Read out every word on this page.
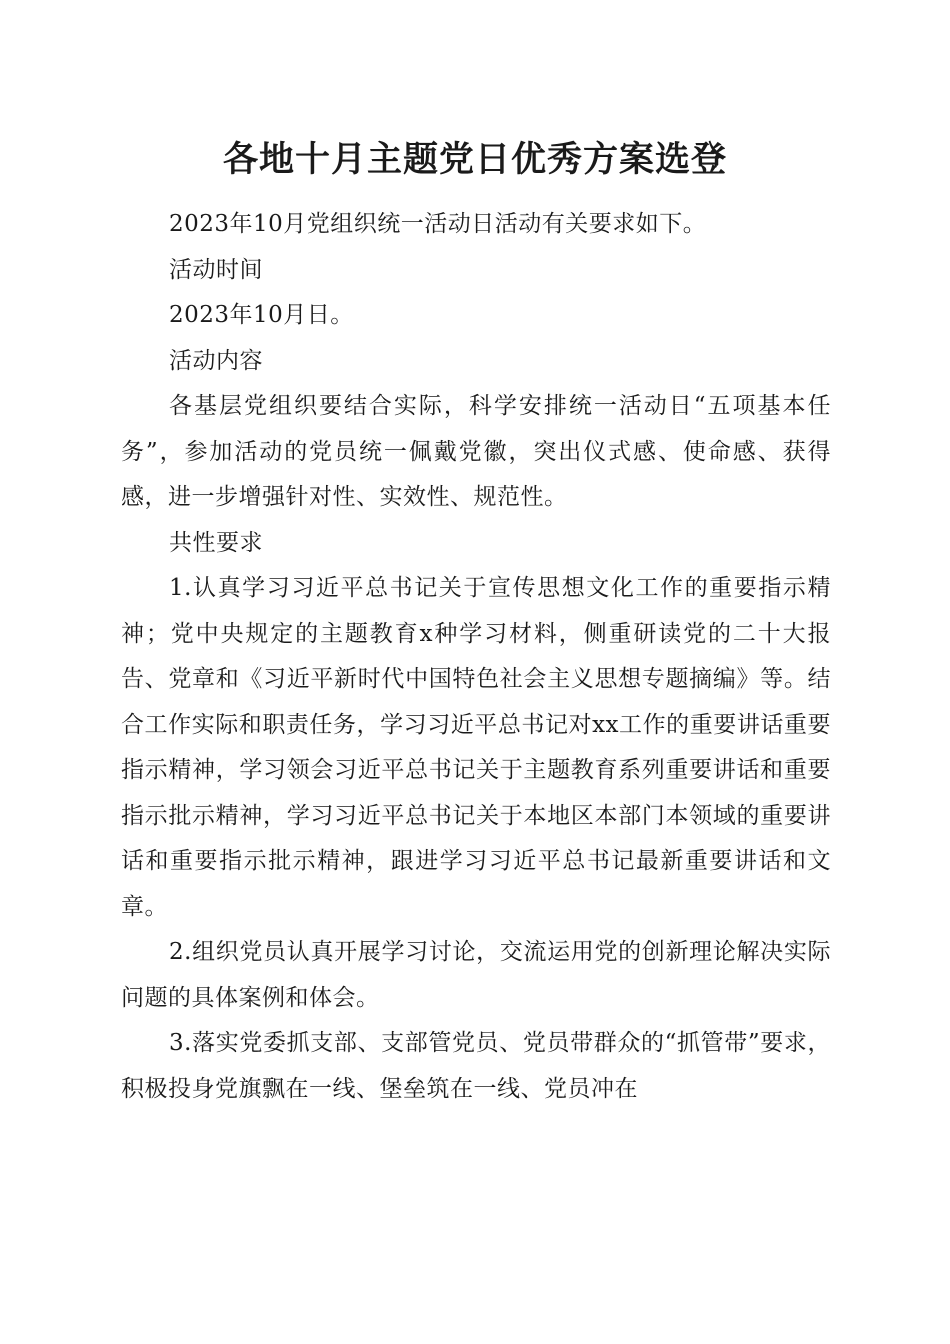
各地十月主题党日优秀方案选登

2023年10月党组织统一活动日活动有关要求如下。

活动时间

2023年10月日。

活动内容

各基层党组织要结合实际，科学安排统一活动日“五项基本任务”，参加活动的党员统一佩戴党徽，突出仪式感、使命感、获得感，进一步增强针对性、实效性、规范性。

共性要求

1.认真学习习近平总书记关于宣传思想文化工作的重要指示精神；党中央规定的主题教育x种学习材料，侧重研读党的二十大报告、党章和《习近平新时代中国特色社会主义思想专题摘编》等。结合工作实际和职责任务，学习习近平总书记对xx工作的重要讲话重要指示精神，学习领会习近平总书记关于主题教育系列重要讲话和重要指示批示精神，学习习近平总书记关于本地区本部门本领域的重要讲话和重要指示批示精神，跟进学习习近平总书记最新重要讲话和文章。

2.组织党员认真开展学习讨论，交流运用党的创新理论解决实际问题的具体案例和体会。

3.落实党委抓支部、支部管党员、党员带群众的“抓管带”要求，积极投身党旗飘在一线、堡垒筑在一线、党员冲在
